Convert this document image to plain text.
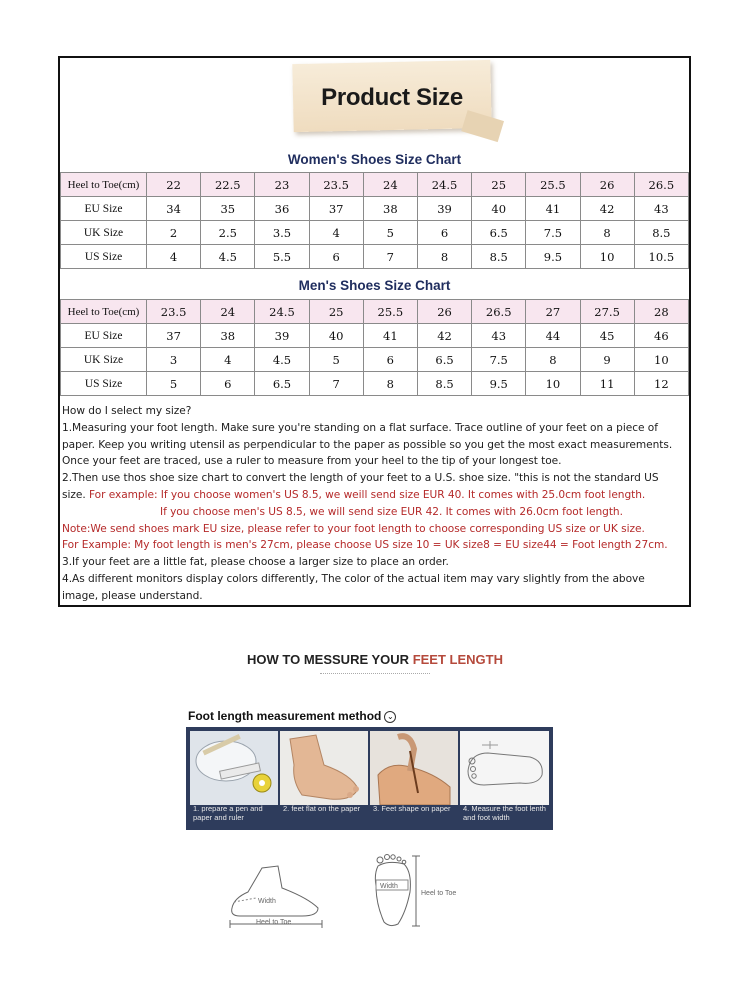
Product Size
Women's Shoes Size Chart
Heel to Toe(cm)	22	22.5	23	23.5	24	24.5	25	25.5	26	26.5
EU Size	34	35	36	37	38	39	40	41	42	43
UK Size	2	2.5	3.5	4	5	6	6.5	7.5	8	8.5
US Size	4	4.5	5.5	6	7	8	8.5	9.5	10	10.5
Men's Shoes Size Chart
Heel to Toe(cm)	23.5	24	24.5	25	25.5	26	26.5	27	27.5	28
EU Size	37	38	39	40	41	42	43	44	45	46
UK Size	3	4	4.5	5	6	6.5	7.5	8	9	10
US Size	5	6	6.5	7	8	8.5	9.5	10	11	12

How do I select my size?

1.Measuring your foot length. Make sure you're standing on a flat surface. Trace outline of your feet on a piece of

paper. Keep you writing utensil as perpendicular to the paper as possible so you get the most exact measurements.

Once your feet are traced, use a ruler to measure from your heel to the tip of your longest toe.

2.Then use thos shoe size chart to convert the length of your feet to a U.S. shoe size. "this is not the standard US

size. For example: If you choose women's US 8.5, we weill send size EUR 40. It comes with 25.0cm foot length.

If you choose men's US 8.5, we will send size EUR 42. It comes with 26.0cm foot length.

Note:We send shoes mark EU size, please refer to your foot length to choose corresponding US size or UK size.

For Example: My foot length is men's 27cm, please choose US size 10 = UK size8 = EU size44 = Foot length 27cm.

3.If your feet are a little fat, please choose a larger size to place an order.

4.As different monitors display colors differently, The color of the actual item may vary slightly from the above

image, please understand.

HOW TO MESSURE YOUR FEET LENGTH
Foot length measurement method ⌄
1. prepare a pen and paper and ruler
2. feet flat on the paper	3. Feet shape on paper	4. Measure the foot lenth and foot width
Width
Heel to Toe
Width
Heel to Toe
